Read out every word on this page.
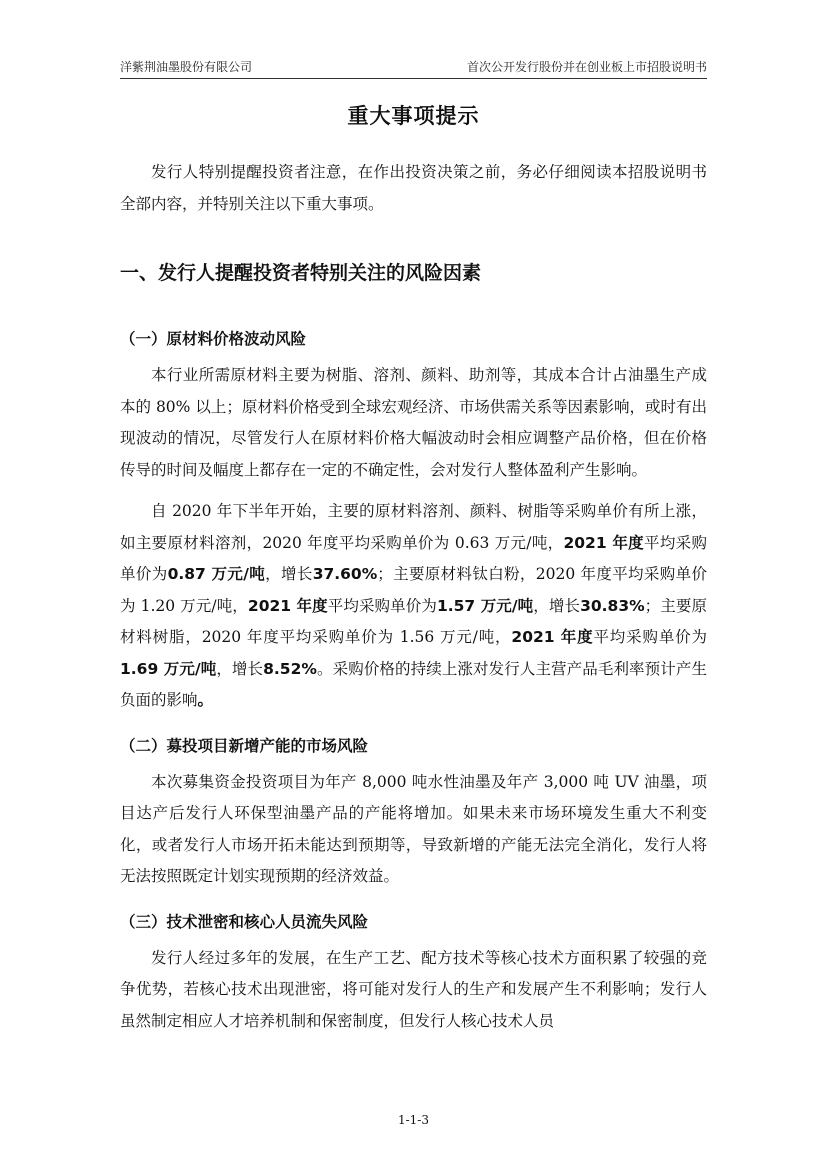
洋紫荆油墨股份有限公司	首次公开发行股份并在创业板上市招股说明书
重大事项提示

发行人特别提醒投资者注意，在作出投资决策之前，务必仔细阅读本招股说明书全部内容，并特别关注以下重大事项。

一、发行人提醒投资者特别关注的风险因素
（一）原材料价格波动风险

本行业所需原材料主要为树脂、溶剂、颜料、助剂等，其成本合计占油墨生产成本的 80% 以上；原材料价格受到全球宏观经济、市场供需关系等因素影响，或时有出现波动的情况，尽管发行人在原材料价格大幅波动时会相应调整产品价格，但在价格传导的时间及幅度上都存在一定的不确定性，会对发行人整体盈利产生影响。

自 2020 年下半年开始，主要的原材料溶剂、颜料、树脂等采购单价有所上涨，如主要原材料溶剂，2020 年度平均采购单价为 0.63 万元/吨，2021 年度平均采购单价为0.87 万元/吨，增长37.60%；主要原材料钛白粉，2020 年度平均采购单价为 1.20 万元/吨，2021 年度平均采购单价为1.57 万元/吨，增长30.83%；主要原材料树脂，2020 年度平均采购单价为 1.56 万元/吨，2021 年度平均采购单价为1.69 万元/吨，增长8.52%。采购价格的持续上涨对发行人主营产品毛利率预计产生负面的影响。

（二）募投项目新增产能的市场风险

本次募集资金投资项目为年产 8,000 吨水性油墨及年产 3,000 吨 UV 油墨，项目达产后发行人环保型油墨产品的产能将增加。如果未来市场环境发生重大不利变化，或者发行人市场开拓未能达到预期等，导致新增的产能无法完全消化，发行人将无法按照既定计划实现预期的经济效益。

（三）技术泄密和核心人员流失风险

发行人经过多年的发展，在生产工艺、配方技术等核心技术方面积累了较强的竞争优势，若核心技术出现泄密，将可能对发行人的生产和发展产生不利影响；发行人虽然制定相应人才培养机制和保密制度，但发行人核心技术人员

1-1-3
